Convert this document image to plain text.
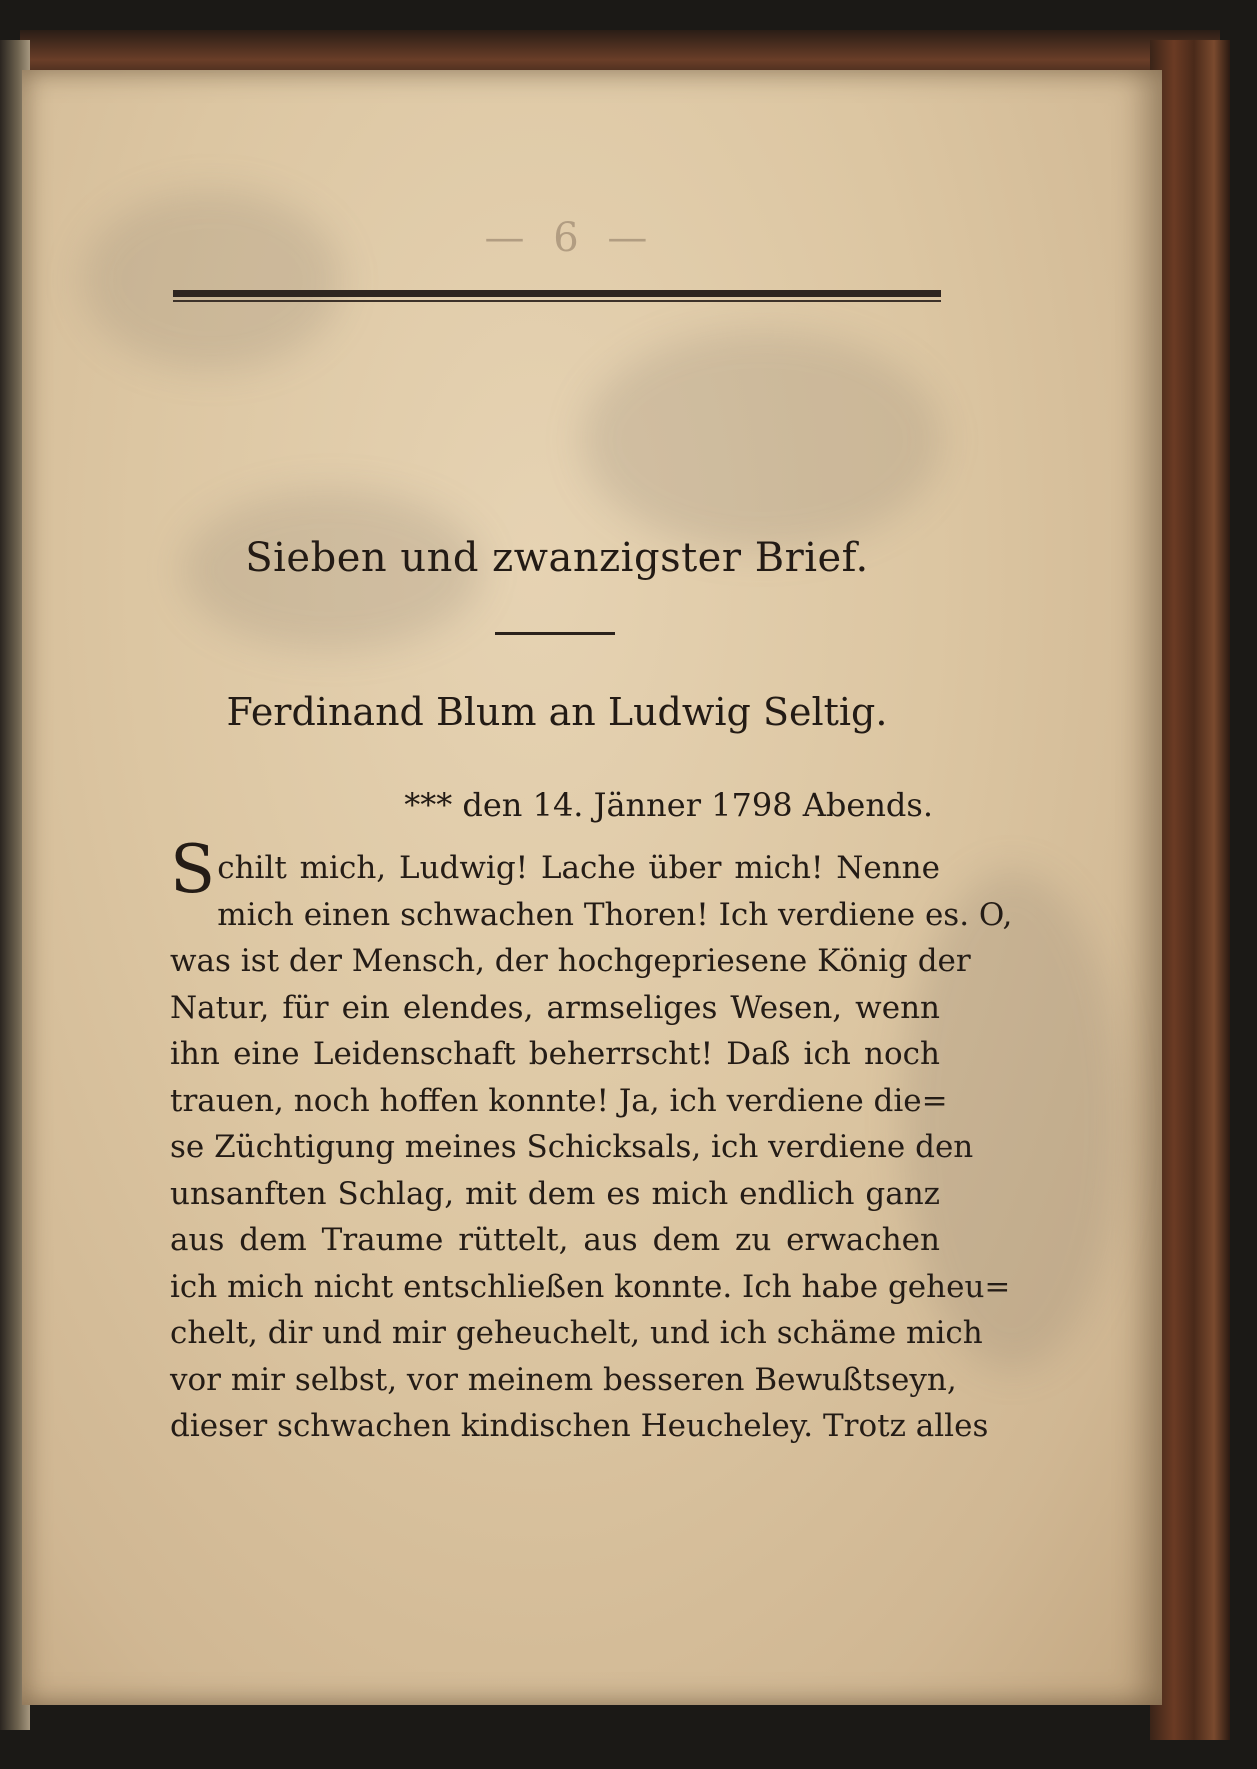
— 6 —
Sieben und zwanzigster Brief.
Ferdinand Blum an Ludwig Seltig.
*** den 14. Jänner 1798 Abends.
Schilt mich, Ludwig! Lache über mich! Nenne
mich einen schwachen Thoren! Ich verdiene es. O,
was ist der Mensch, der hochgepriesene König der
Natur, für ein elendes, armseliges Wesen, wenn
ihn eine Leidenschaft beherrscht! Daß ich noch
trauen, noch hoffen konnte! Ja, ich verdiene die=
se Züchtigung meines Schicksals, ich verdiene den
unsanften Schlag, mit dem es mich endlich ganz
aus dem Traume rüttelt, aus dem zu erwachen
ich mich nicht entschließen konnte. Ich habe geheu=
chelt, dir und mir geheuchelt, und ich schäme mich
vor mir selbst, vor meinem besseren Bewußtseyn,
dieser schwachen kindischen Heucheley. Trotz alles
